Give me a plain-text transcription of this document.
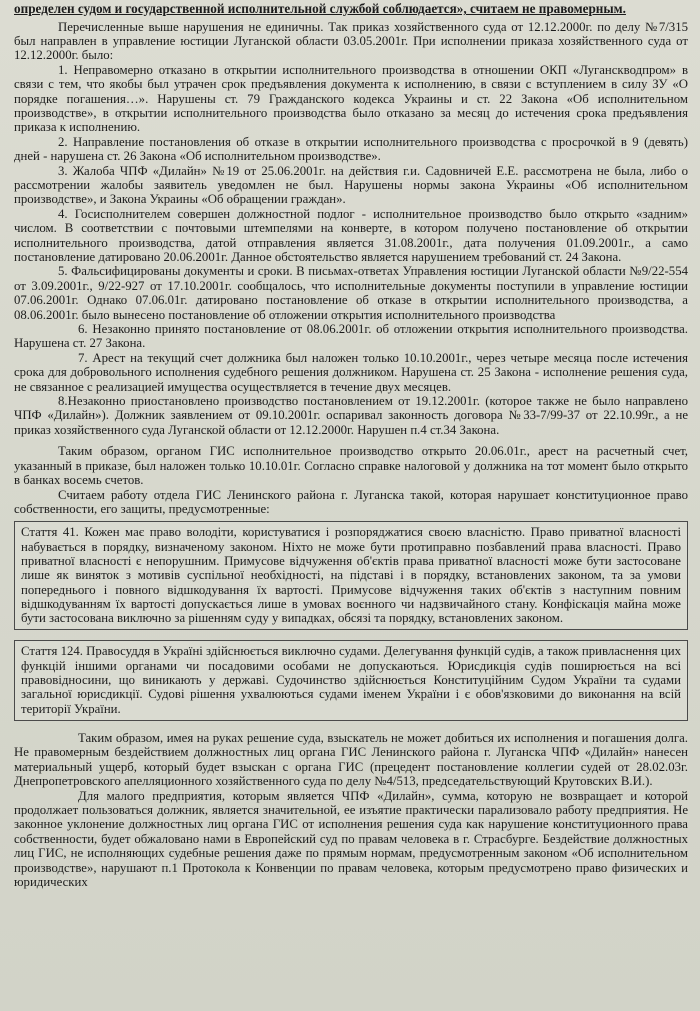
определен судом и государственной исполнительной службой соблюдается», считаем не правомерным.

Перечисленные выше нарушения не единичны. Так приказ хозяйственного суда от 12.12.2000г. по делу №7/315 был направлен в управление юстиции Луганской области 03.05.2001г. При исполнении приказа хозяйственного суда от 12.12.2000г. было:

1. Неправомерно отказано в открытии исполнительного производства в отношении ОКП «Луганскводпром» в связи с тем, что якобы был утрачен срок предъявления документа к исполнению, в связи с вступлением в силу ЗУ «О порядке погашения…». Нарушены ст. 79 Гражданского кодекса Украины и ст. 22 Закона «Об исполнительном производстве», в открытии исполнительного производства было отказано за месяц до истечения срока предъявления приказа к исполнению.

2. Направление постановления об отказе в открытии исполнительного производства с просрочкой в 9 (девять) дней - нарушена ст. 26 Закона «Об исполнительном производстве».

3. Жалоба ЧПФ «Дилайн» №19 от 25.06.2001г. на действия г.и. Садовничей Е.Е. рассмотрена не была, либо о рассмотрении жалобы заявитель уведомлен не был. Нарушены нормы закона Украины «Об исполнительном производстве», и Закона Украины «Об обращении граждан».

4. Госисполнителем совершен должностной подлог - исполнительное производство было открыто «задним» числом. В соответствии с почтовыми штемпелями на конверте, в котором получено постановление об открытии исполнительного производства, датой отправления является 31.08.2001г., дата получения 01.09.2001г., а само постановление датировано 20.06.2001г. Данное обстоятельство является нарушением требований ст. 24 Закона.

5. Фальсифицированы документы и сроки. В письмах-ответах Управления юстиции Луганской области №9/22-554 от 3.09.2001г., 9/22-927 от 17.10.2001г. сообщалось, что исполнительные документы поступили в управление юстиции 07.06.2001г. Однако 07.06.01г. датировано постановление об отказе в открытии исполнительного производства, а 08.06.2001г. было вынесено постановление об отложении открытия исполнительного производства

6. Незаконно принято постановление от 08.06.2001г. об отложении открытия исполнительного производства. Нарушена ст. 27 Закона.

7. Арест на текущий счет должника был наложен только 10.10.2001г., через четыре месяца после истечения срока для добровольного исполнения судебного решения должником. Нарушена ст. 25 Закона - исполнение решения суда, не связанное с реализацией имущества осуществляется в течение двух месяцев.

8.Незаконно приостановлено производство постановлением от 19.12.2001г. (которое также не было направлено ЧПФ «Дилайн»). Должник заявлением от 09.10.2001г. оспаривал законность договора №33-7/99-37 от 22.10.99г., а не приказ хозяйственного суда Луганской области от 12.12.2000г. Нарушен п.4 ст.34 Закона.

Таким образом, органом ГИС исполнительное производство открыто 20.06.01г., арест на расчетный счет, указанный в приказе, был наложен только 10.10.01г. Согласно справке налоговой у должника на тот момент было открыто в банках восемь счетов.

Считаем работу отдела ГИС Ленинского района г. Луганска такой, которая нарушает конституционное право собственности, его защиты, предусмотренные:

Стаття 41. Кожен має право володіти, користуватися і розпоряджатися своєю власністю. Право приватної власності набувається в порядку, визначеному законом. Ніхто не може бути протиправно позбавлений права власності. Право приватної власності є непорушним. Примусове відчуження об'єктів права приватної власності може бути застосоване лише як виняток з мотивів суспільної необхідності, на підставі і в порядку, встановлених законом, та за умови попереднього і повного відшкодування їх вартості. Примусове відчуження таких об'єктів з наступним повним відшкодуванням їх вартості допускається лише в умовах воєнного чи надзвичайного стану. Конфіскація майна може бути застосована виключно за рішенням суду у випадках, обсязі та порядку, встановлених законом.

Стаття 124. Правосуддя в Україні здійснюється виключно судами. Делегування функцій судів, а також привласнення цих функцій іншими органами чи посадовими особами не допускаються. Юрисдикція судів поширюється на всі правовідносини, що виникають у державі. Судочинство здійснюється Конституційним Судом України та судами загальної юрисдикції. Судові рішення ухвалюються судами іменем України і є обов'язковими до виконання на всій території України.

Таким образом, имея на руках решение суда, взыскатель не может добиться их исполнения и погашения долга. Не правомерным бездействием должностных лиц органа ГИС Ленинского района г. Луганска ЧПФ «Дилайн» нанесен материальный ущерб, который будет взыскан с органа ГИС (прецедент постановление коллегии судей от 28.02.03г. Днепропетровского апелляционного хозяйственного суда по делу №4/513, председательствующий Крутовских В.И.).

Для малого предприятия, которым является ЧПФ «Дилайн», сумма, которую не возвращает и которой продолжает пользоваться должник, является значительной, ее изъятие практически парализовало работу предприятия. Не законное уклонение должностных лиц органа ГИС от исполнения решения суда как нарушение конституционного права собственности, будет обжаловано нами в Европейский суд по правам человека в г. Страсбурге. Бездействие должностных лиц ГИС, не исполняющих судебные решения даже по прямым нормам, предусмотренным законом «Об исполнительном производстве», нарушают п.1 Протокола к Конвенции по правам человека, которым предусмотрено право физических и юридических
